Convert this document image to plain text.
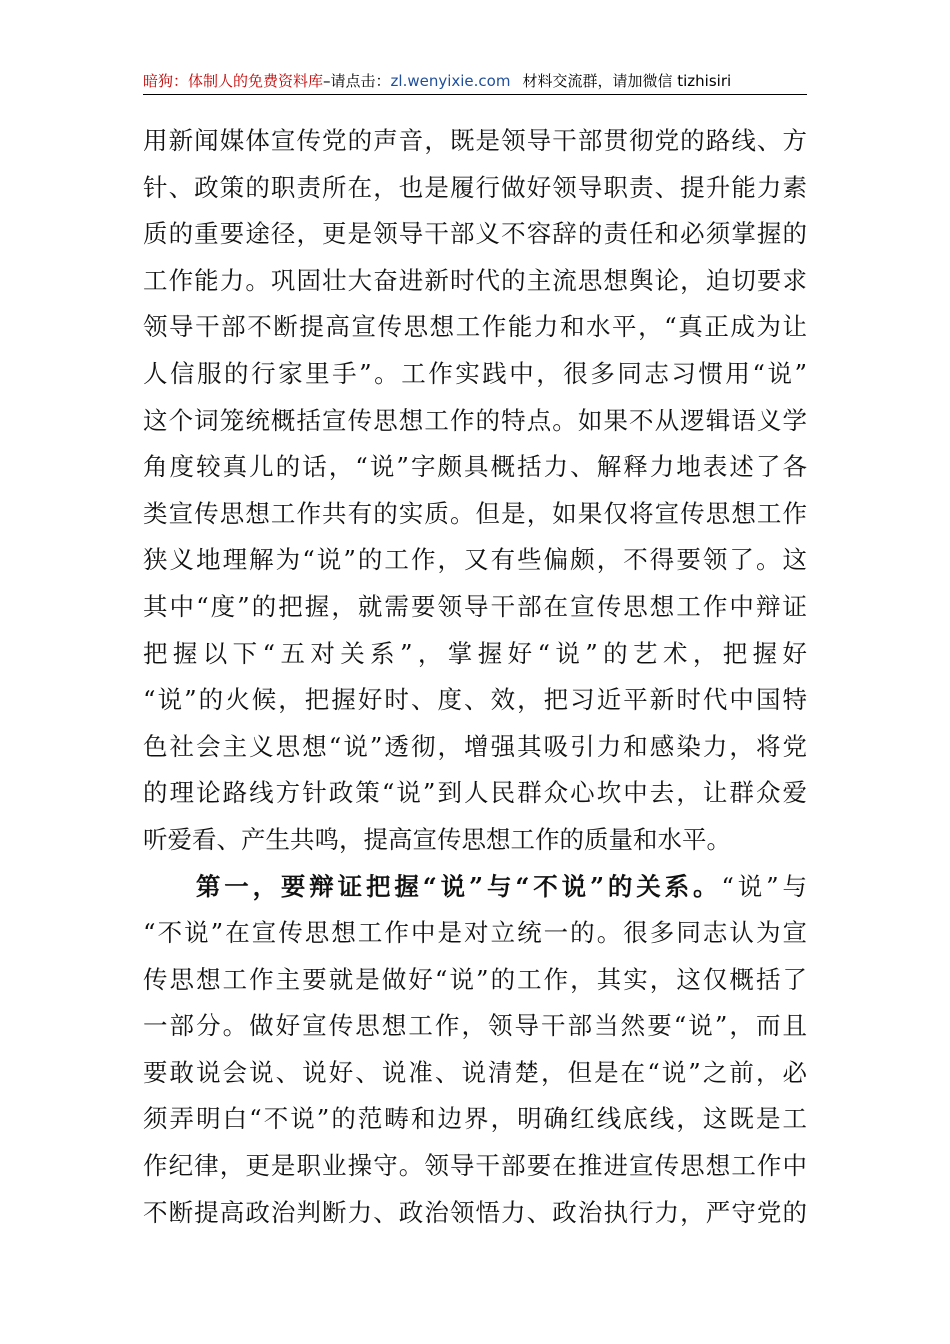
暗狗：体制人的免费资料库–请点击：zl.wenyixie.com 材料交流群，请加微信 tizhisiri
用新闻媒体宣传党的声音，既是领导干部贯彻党的路线、方
针、政策的职责所在，也是履行做好领导职责、提升能力素
质的重要途径，更是领导干部义不容辞的责任和必须掌握的
工作能力。巩固壮大奋进新时代的主流思想舆论，迫切要求
领导干部不断提高宣传思想工作能力和水平，“真正成为让
人信服的行家里手”。工作实践中，很多同志习惯用“说”
这个词笼统概括宣传思想工作的特点。如果不从逻辑语义学
角度较真儿的话，“说”字颇具概括力、解释力地表述了各
类宣传思想工作共有的实质。但是，如果仅将宣传思想工作
狭义地理解为“说”的工作，又有些偏颇，不得要领了。这
其中“度”的把握，就需要领导干部在宣传思想工作中辩证
把握以下“五对关系”，掌握好“说”的艺术，把握好
“说”的火候，把握好时、度、效，把习近平新时代中国特
色社会主义思想“说”透彻，增强其吸引力和感染力，将党
的理论路线方针政策“说”到人民群众心坎中去，让群众爱
听爱看、产生共鸣，提高宣传思想工作的质量和水平。
第一，要辩证把握“说”与“不说”的关系。“说”与
“不说”在宣传思想工作中是对立统一的。很多同志认为宣
传思想工作主要就是做好“说”的工作，其实，这仅概括了
一部分。做好宣传思想工作，领导干部当然要“说”，而且
要敢说会说、说好、说准、说清楚，但是在“说”之前，必
须弄明白“不说”的范畴和边界，明确红线底线，这既是工
作纪律，更是职业操守。领导干部要在推进宣传思想工作中
不断提高政治判断力、政治领悟力、政治执行力，严守党的
